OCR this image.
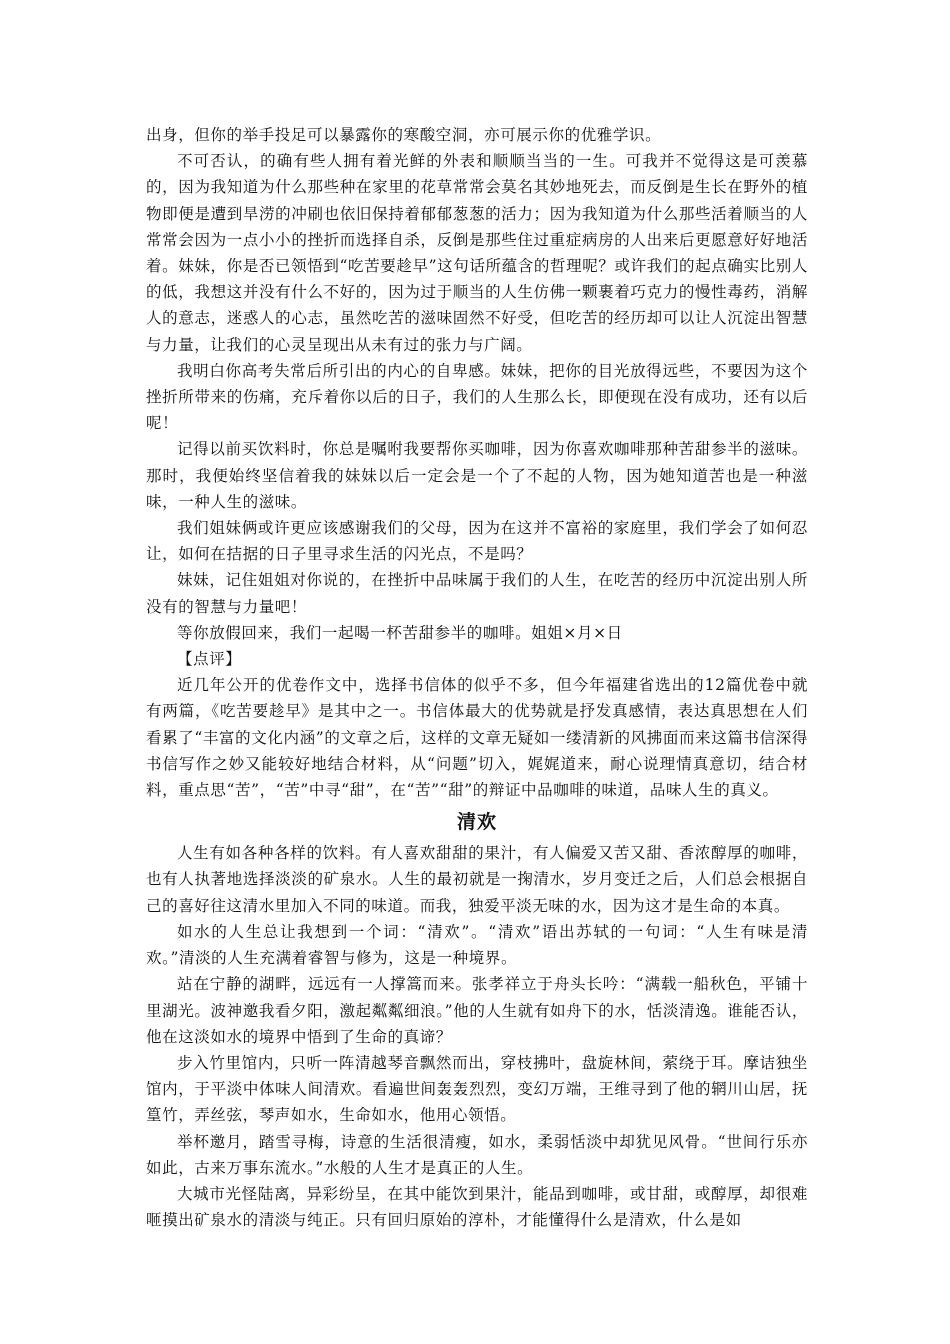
出身，但你的举手投足可以暴露你的寒酸空洞，亦可展示你的优雅学识。

不可否认，的确有些人拥有着光鲜的外表和顺顺当当的一生。可我并不觉得这是可羡慕的，因为我知道为什么那些种在家里的花草常常会莫名其妙地死去，而反倒是生长在野外的植物即便是遭到旱涝的冲刷也依旧保持着郁郁葱葱的活力；因为我知道为什么那些活着顺当的人常常会因为一点小小的挫折而选择自杀，反倒是那些住过重症病房的人出来后更愿意好好地活着。妹妹，你是否已领悟到“吃苦要趁早”这句话所蕴含的哲理呢？或许我们的起点确实比别人的低，我想这并没有什么不好的，因为过于顺当的人生仿佛一颗裹着巧克力的慢性毒药，消解人的意志，迷惑人的心志，虽然吃苦的滋味固然不好受，但吃苦的经历却可以让人沉淀出智慧与力量，让我们的心灵呈现出从未有过的张力与广阔。

我明白你高考失常后所引出的内心的自卑感。妹妹，把你的目光放得远些，不要因为这个挫折所带来的伤痛，充斥着你以后的日子，我们的人生那么长，即便现在没有成功，还有以后呢！

记得以前买饮料时，你总是嘱咐我要帮你买咖啡，因为你喜欢咖啡那种苦甜参半的滋味。那时，我便始终坚信着我的妹妹以后一定会是一个了不起的人物，因为她知道苦也是一种滋味，一种人生的滋味。

我们姐妹俩或许更应该感谢我们的父母，因为在这并不富裕的家庭里，我们学会了如何忍让，如何在拮据的日子里寻求生活的闪光点，不是吗？

妹妹，记住姐姐对你说的，在挫折中品味属于我们的人生，在吃苦的经历中沉淀出别人所没有的智慧与力量吧！

等你放假回来，我们一起喝一杯苦甜参半的咖啡。姐姐×月×日

【点评】

近几年公开的优卷作文中，选择书信体的似乎不多，但今年福建省选出的12篇优卷中就有两篇，《吃苦要趁早》是其中之一。书信体最大的优势就是抒发真感情，表达真思想在人们看累了“丰富的文化内涵”的文章之后，这样的文章无疑如一缕清新的风拂面而来这篇书信深得书信写作之妙又能较好地结合材料，从“问题”切入，娓娓道来，耐心说理情真意切，结合材料，重点思“苦”，“苦”中寻“甜”，在“苦”“甜”的辩证中品咖啡的味道，品味人生的真义。

清欢

人生有如各种各样的饮料。有人喜欢甜甜的果汁，有人偏爱又苦又甜、香浓醇厚的咖啡，也有人执著地选择淡淡的矿泉水。人生的最初就是一掬清水，岁月变迁之后，人们总会根据自己的喜好往这清水里加入不同的味道。而我，独爱平淡无味的水，因为这才是生命的本真。

如水的人生总让我想到一个词：“清欢”。“清欢”语出苏轼的一句词：“人生有味是清欢。”清淡的人生充满着睿智与修为，这是一种境界。

站在宁静的湖畔，远远有一人撑篙而来。张孝祥立于舟头长吟：“满载一船秋色，平铺十里湖光。波神邀我看夕阳，激起粼粼细浪。”他的人生就有如舟下的水，恬淡清逸。谁能否认，他在这淡如水的境界中悟到了生命的真谛？

步入竹里馆内，只听一阵清越琴音飘然而出，穿枝拂叶，盘旋林间，萦绕于耳。摩诘独坐馆内，于平淡中体味人间清欢。看遍世间轰轰烈烈，变幻万端，王维寻到了他的辋川山居，抚篁竹，弄丝弦，琴声如水，生命如水，他用心领悟。

举杯邀月，踏雪寻梅，诗意的生活很清瘦，如水，柔弱恬淡中却犹见风骨。“世间行乐亦如此，古来万事东流水。”水般的人生才是真正的人生。

大城市光怪陆离，异彩纷呈，在其中能饮到果汁，能品到咖啡，或甘甜，或醇厚，却很难咂摸出矿泉水的清淡与纯正。只有回归原始的淳朴，才能懂得什么是清欢，什么是如
